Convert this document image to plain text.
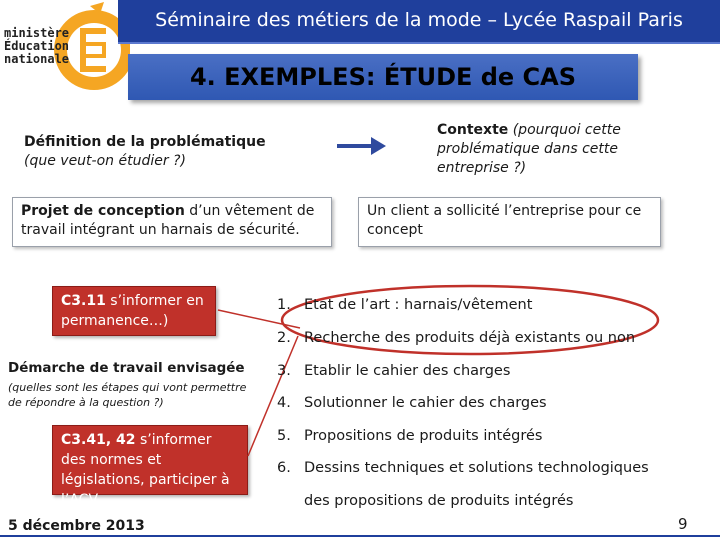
ministère
Éducation
nationale
Séminaire des métiers de la mode – Lycée Raspail Paris
4. EXEMPLES: ÉTUDE de CAS
Définition de la problématique
(que veut-on étudier ?)
Contexte (pourquoi cette problématique dans cette entreprise ?)
Projet de conception d’un vêtement de travail intégrant un harnais de sécurité.
Un client a sollicité l’entreprise pour ce concept
C3.11 s’informer en permanence…)
Démarche de travail envisagée
(quelles sont les étapes qui vont permettre de répondre à la question ?)
C3.41, 42 s’informer des normes et législations, participer à l’ACV…
1. Etat de l’art : harnais/vêtement
2. Recherche des produits déjà existants ou non
3. Etablir le cahier des charges
4. Solutionner le cahier des charges
5. Propositions de produits intégrés
6. Dessins techniques et solutions technologiques
des propositions de produits intégrés
5 décembre 2013	9
